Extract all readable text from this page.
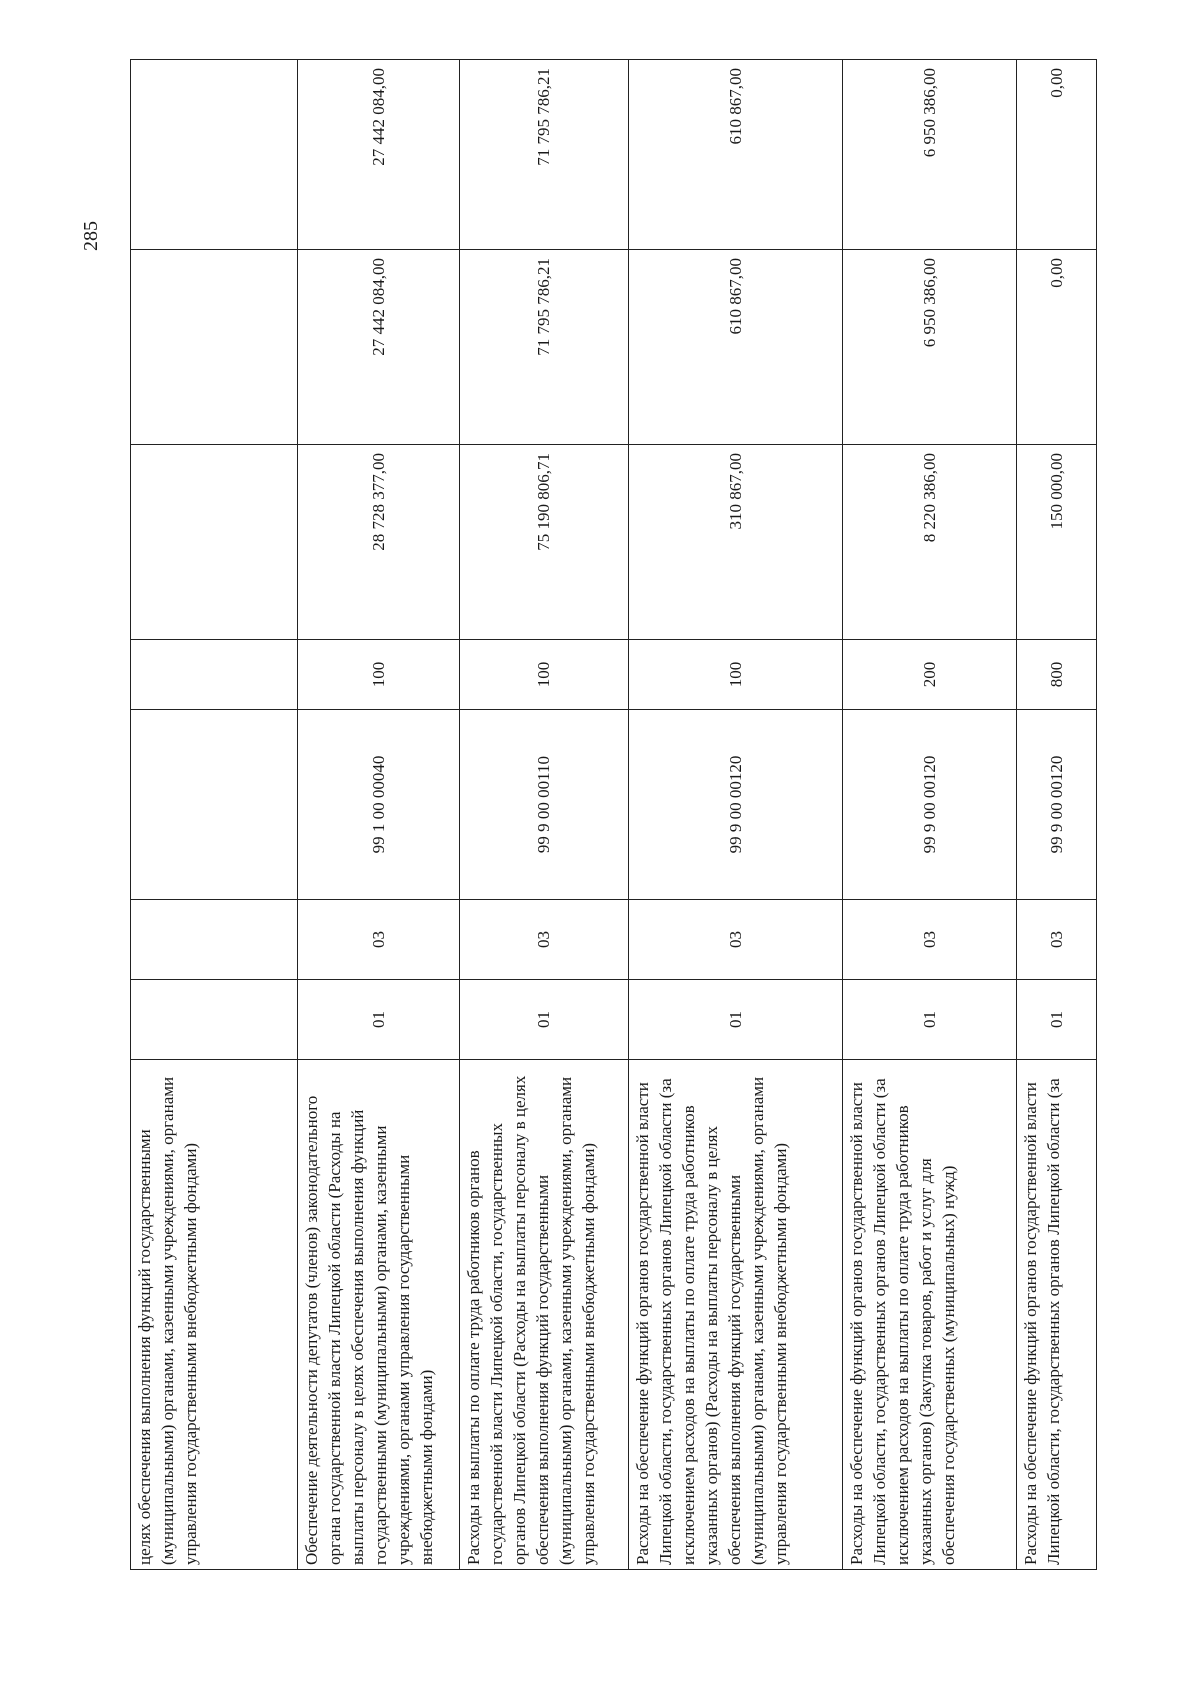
285
целях обеспечения выполнения функций государственными (муниципальными) органами, казенными учреждениями, органами управления государственными внебюджетными фондами)							
Обеспечение деятельности депутатов (членов) законодательного органа государственной власти Липецкой области (Расходы на выплаты персоналу в целях обеспечения выполнения функций государственными (муниципальными) органами, казенными учреждениями, органами управления государственными внебюджетными фондами)	01	03	99 1 00 00040	100	28 728 377,00	27 442 084,00	27 442 084,00
Расходы на выплаты по оплате труда работников органов государственной власти Липецкой области, государственных органов Липецкой области (Расходы на выплаты персоналу в целях обеспечения выполнения функций государственными (муниципальными) органами, казенными учреждениями, органами управления государственными внебюджетными фондами)	01	03	99 9 00 00110	100	75 190 806,71	71 795 786,21	71 795 786,21
Расходы на обеспечение функций органов государственной власти Липецкой области, государственных органов Липецкой области (за исключением расходов на выплаты по оплате труда работников указанных органов) (Расходы на выплаты персоналу в целях обеспечения выполнения функций государственными (муниципальными) органами, казенными учреждениями, органами управления государственными внебюджетными фондами)	01	03	99 9 00 00120	100	310 867,00	610 867,00	610 867,00
Расходы на обеспечение функций органов государственной власти Липецкой области, государственных органов Липецкой области (за исключением расходов на выплаты по оплате труда работников указанных органов) (Закупка товаров, работ и услуг для обеспечения государственных (муниципальных) нужд)	01	03	99 9 00 00120	200	8 220 386,00	6 950 386,00	6 950 386,00
Расходы на обеспечение функций органов государственной власти Липецкой области, государственных органов Липецкой области (за	01	03	99 9 00 00120	800	150 000,00	0,00	0,00
